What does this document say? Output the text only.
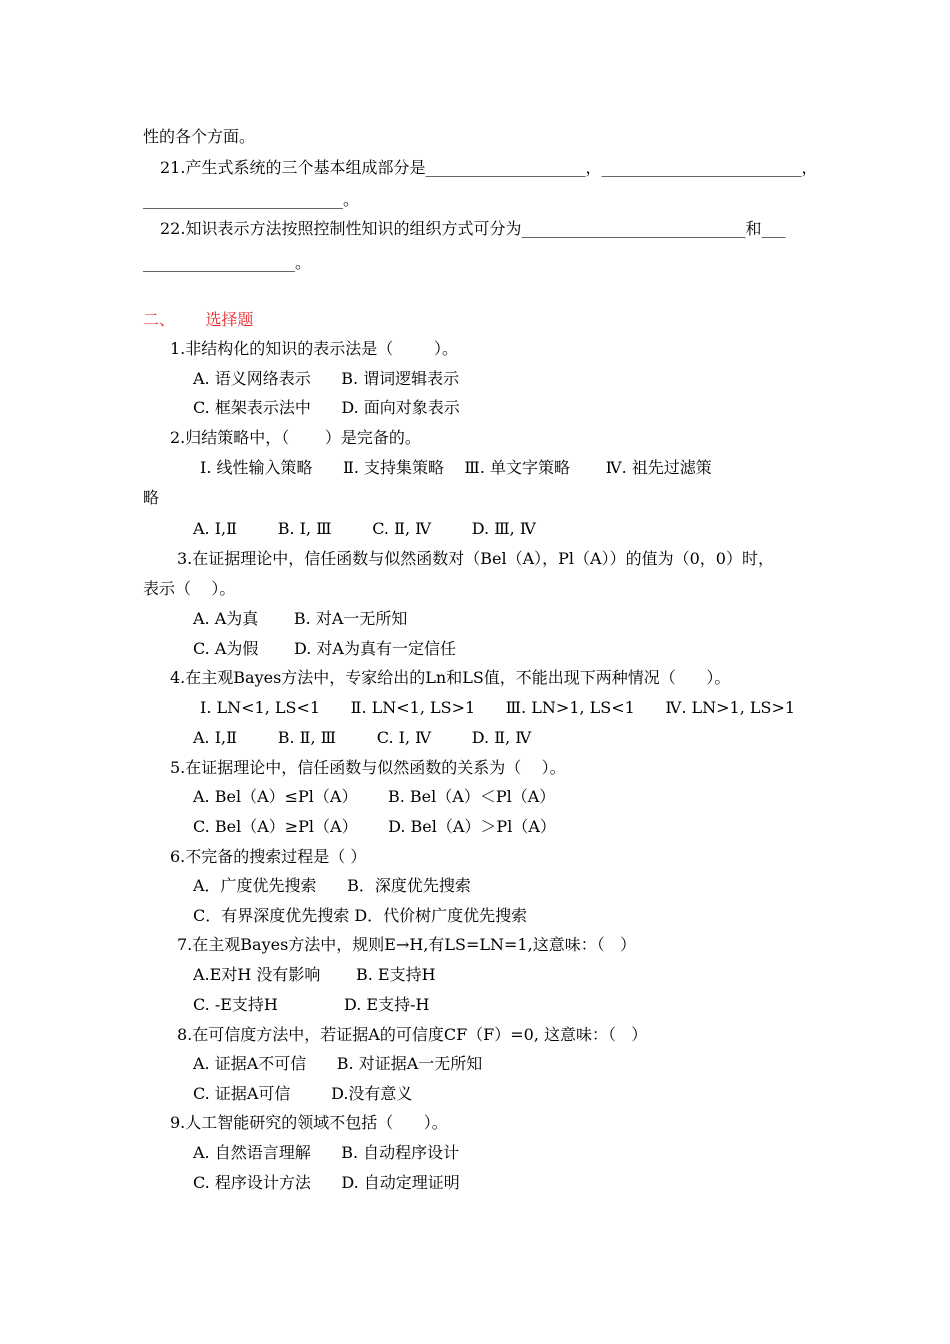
性的各个方面。

21.产生式系统的三个基本组成部分是____________________，_________________________，

_________________________。

22.知识表示方法按照控制性知识的组织方式可分为____________________________和___

___________________。

二、      选择题

1.非结构化的知识的表示法是（        ）。

A. 语义网络表示      B. 谓词逻辑表示

C. 框架表示法中      D. 面向对象表示

2.归结策略中，（       ）是完备的。

Ⅰ. 线性输入策略      Ⅱ. 支持集策略    Ⅲ. 单文字策略       Ⅳ. 祖先过滤策

略

A. Ⅰ,Ⅱ        B. Ⅰ, Ⅲ        C. Ⅱ, Ⅳ        D. Ⅲ, Ⅳ

3.在证据理论中，信任函数与似然函数对（Bel（A），Pl（A））的值为（0，0）时，

表示（    ）。

A. A为真       B. 对A一无所知

C. A为假       D. 对A为真有一定信任

4.在主观Bayes方法中，专家给出的Ln和LS值，不能出现下两种情况（      ）。

Ⅰ. LN<1, LS<1      Ⅱ. LN<1, LS>1      Ⅲ. LN>1, LS<1      Ⅳ. LN>1, LS>1

A. Ⅰ,Ⅱ        B. Ⅱ, Ⅲ        C. Ⅰ, Ⅳ        D. Ⅱ, Ⅳ

5.在证据理论中，信任函数与似然函数的关系为（    ）。

A. Bel（A）≤Pl（A）      B. Bel（A）＜Pl（A）

C. Bel（A）≥Pl（A）      D. Bel（A）＞Pl（A）

6.不完备的搜索过程是（ ）

A．广度优先搜索      B．深度优先搜索

C．有界深度优先搜索 D．代价树广度优先搜索

7.在主观Bayes方法中，规则E→H,有LS=LN=1,这意味：（   ）

A.E对H 没有影响       B. E支持H

C. -E支持H             D. E支持-H

8.在可信度方法中，若证据A的可信度CF（F）=0, 这意味：（   ）

A. 证据A不可信      B. 对证据A一无所知

C. 证据A可信        D.没有意义

9.人工智能研究的领域不包括（      ）。

A. 自然语言理解      B. 自动程序设计

C. 程序设计方法      D. 自动定理证明
